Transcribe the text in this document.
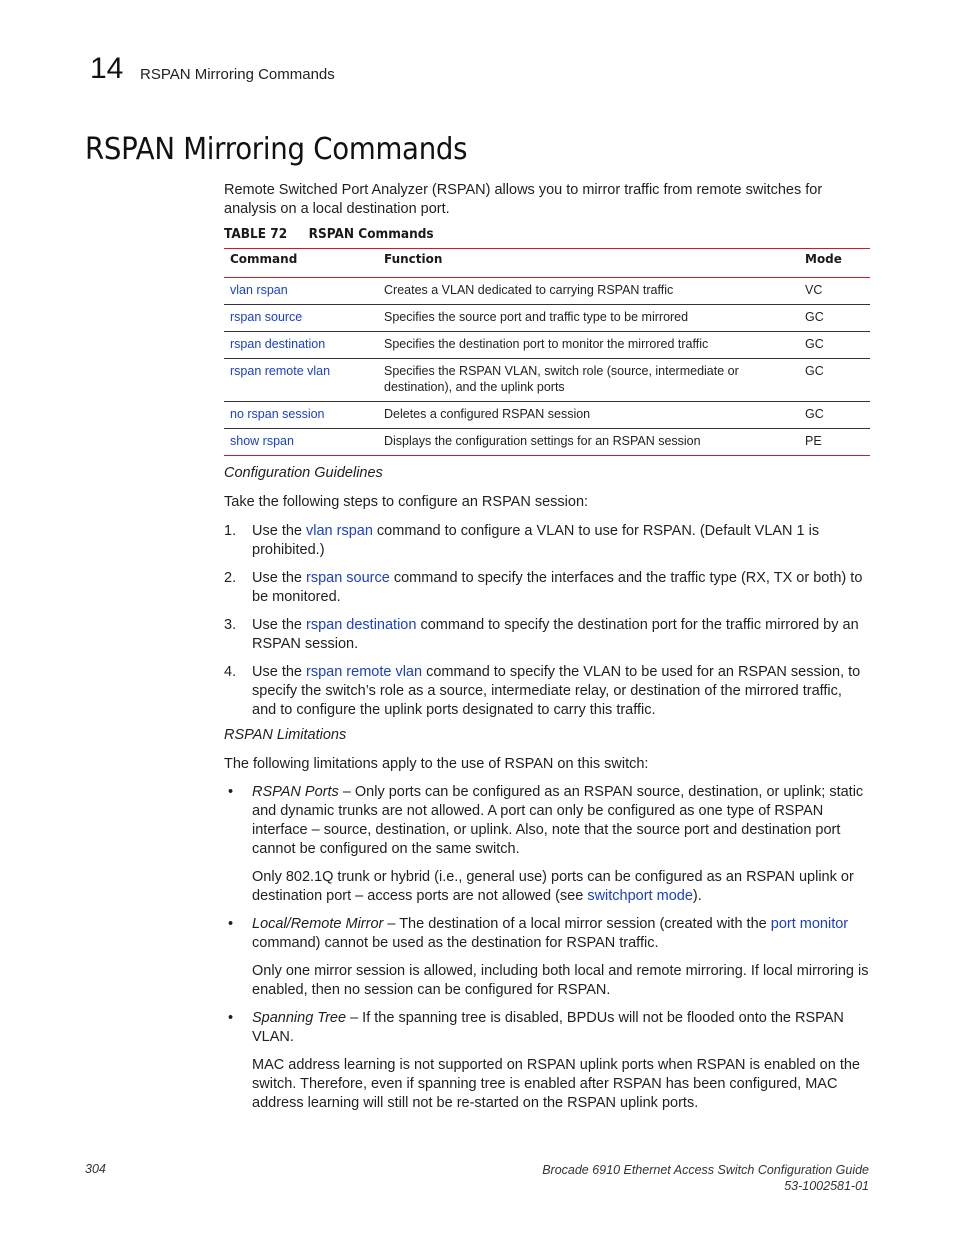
14 RSPAN Mirroring Commands
RSPAN Mirroring Commands

Remote Switched Port Analyzer (RSPAN) allows you to mirror traffic from remote switches for analysis on a local destination port.

TABLE 72 RSPAN Commands
Command	Function	Mode
vlan rspan	Creates a VLAN dedicated to carrying RSPAN traffic	VC
rspan source	Specifies the source port and traffic type to be mirrored	GC
rspan destination	Specifies the destination port to monitor the mirrored traffic	GC
rspan remote vlan	Specifies the RSPAN VLAN, switch role (source, intermediate or destination), and the uplink ports	GC
no rspan session	Deletes a configured RSPAN session	GC
show rspan	Displays the configuration settings for an RSPAN session	PE
Configuration Guidelines

Take the following steps to configure an RSPAN session:

1. Use the vlan rspan command to configure a VLAN to use for RSPAN. (Default VLAN 1 is prohibited.)
2. Use the rspan source command to specify the interfaces and the traffic type (RX, TX or both) to be monitored.
3. Use the rspan destination command to specify the destination port for the traffic mirrored by an RSPAN session.
4. Use the rspan remote vlan command to specify the VLAN to be used for an RSPAN session, to specify the switch’s role as a source, intermediate relay, or destination of the mirrored traffic, and to configure the uplink ports designated to carry this traffic.
RSPAN Limitations

The following limitations apply to the use of RSPAN on this switch:

• RSPAN Ports – Only ports can be configured as an RSPAN source, destination, or uplink; static and dynamic trunks are not allowed. A port can only be configured as one type of RSPAN interface – source, destination, or uplink. Also, note that the source port and destination port cannot be configured on the same switch.

Only 802.1Q trunk or hybrid (i.e., general use) ports can be configured as an RSPAN uplink or destination port – access ports are not allowed (see switchport mode).

• Local/Remote Mirror – The destination of a local mirror session (created with the port monitor command) cannot be used as the destination for RSPAN traffic.

Only one mirror session is allowed, including both local and remote mirroring. If local mirroring is enabled, then no session can be configured for RSPAN.

• Spanning Tree – If the spanning tree is disabled, BPDUs will not be flooded onto the RSPAN VLAN.

MAC address learning is not supported on RSPAN uplink ports when RSPAN is enabled on the switch. Therefore, even if spanning tree is enabled after RSPAN has been configured, MAC address learning will still not be re-started on the RSPAN uplink ports.

304	Brocade 6910 Ethernet Access Switch Configuration Guide
53-1002581-01
